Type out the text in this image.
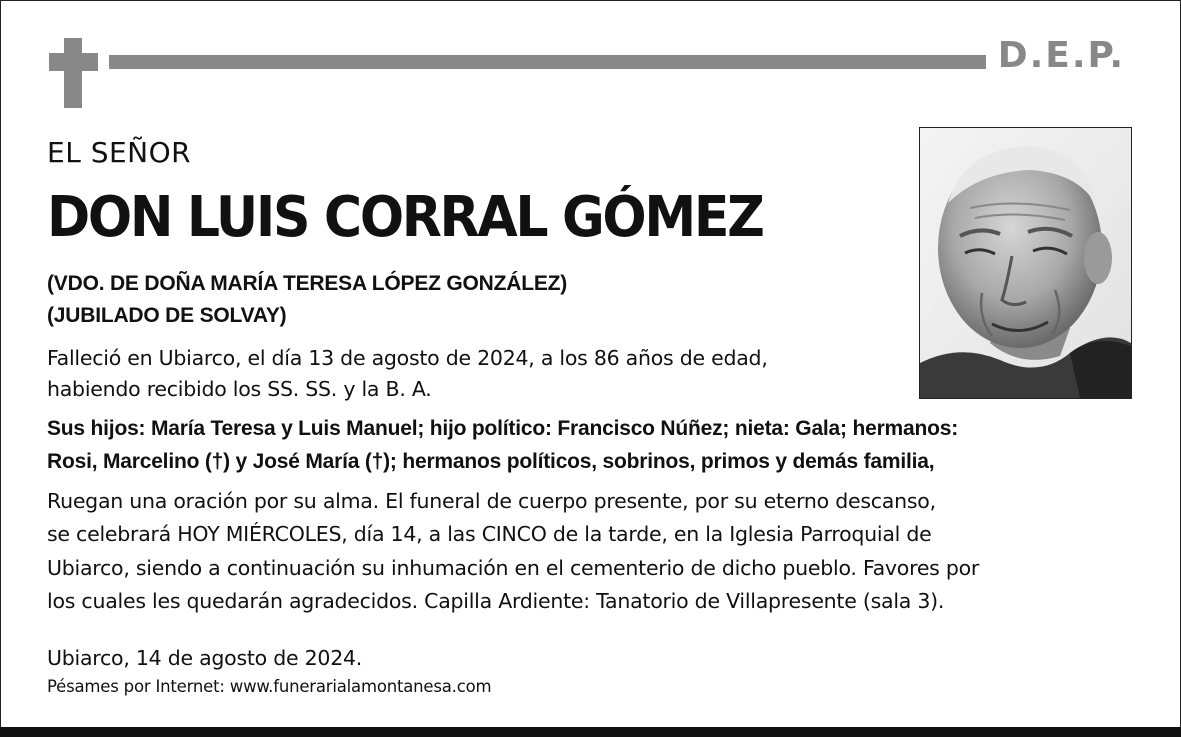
D.E.P.
EL SEÑOR
DON LUIS CORRAL GÓMEZ
(VDO. DE DOÑA MARÍA TERESA LÓPEZ GONZÁLEZ)
(JUBILADO DE SOLVAY)
Falleció en Ubiarco, el día 13 de agosto de 2024, a los 86 años de edad,
habiendo recibido los SS. SS. y la B. A.
Sus hijos: María Teresa y Luis Manuel; hijo político: Francisco Núñez; nieta: Gala; hermanos:
Rosi, Marcelino (†) y José María (†); hermanos políticos, sobrinos, primos y demás familia,
Ruegan una oración por su alma. El funeral de cuerpo presente, por su eterno descanso,
se celebrará HOY MIÉRCOLES, día 14, a las CINCO de la tarde, en la Iglesia Parroquial de
Ubiarco, siendo a continuación su inhumación en el cementerio de dicho pueblo. Favores por
los cuales les quedarán agradecidos. Capilla Ardiente: Tanatorio de Villapresente (sala 3).
Ubiarco, 14 de agosto de 2024.
Pésames por Internet: www.funerarialamontanesa.com
